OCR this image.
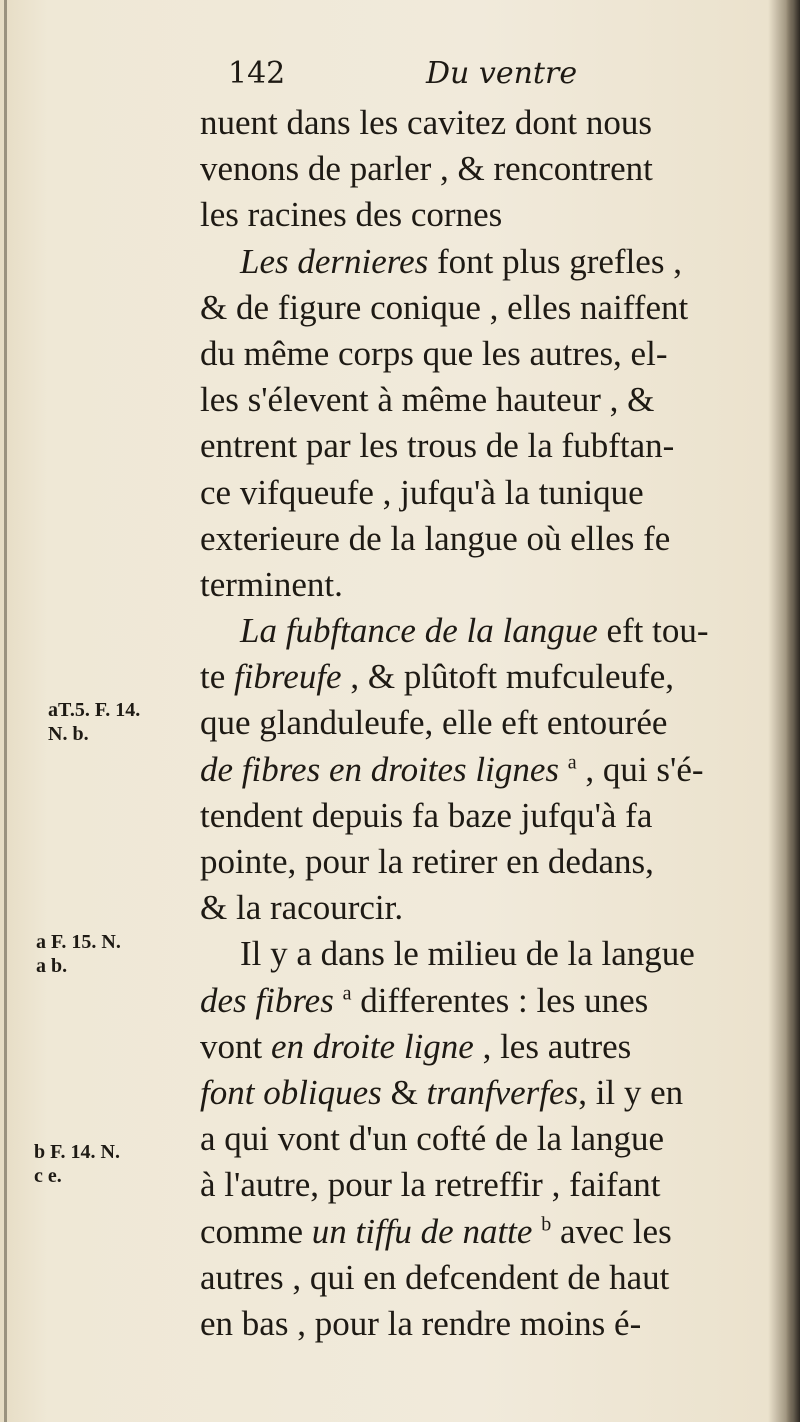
142	Du ventre
nuent dans les cavitez dont nous
venons de parler , & rencontrent
les racines des cornes
Les dernieres font plus grefles ,
& de figure conique , elles naiffent
du même corps que les autres, el-
les s'élevent à même hauteur , &
entrent par les trous de la fubftan-
ce vifqueufe , jufqu'à la tunique
exterieure de la langue où elles fe
terminent.
La fubftance de la langue eft tou-
te fibreufe , & plûtoft mufculeufe,
que glanduleufe, elle eft entourée
de fibres en droites lignes $^a$ , qui s'é-
tendent depuis fa baze jufqu'à fa
pointe, pour la retirer en dedans,
& la racourcir.
Il y a dans le milieu de la langue
des fibres $^a$ differentes : les unes
vont en droite ligne , les autres
font obliques & tranfverfes, il y en
a qui vont d'un cofté de la langue
à l'autre, pour la retreffir , faifant
comme un tiffu de natte $^b$ avec les
autres , qui en defcendent de haut
en bas , pour la rendre moins é-
aT.5. F. 14.
N. b.
a F. 15. N.
a b.
b F. 14. N.
c e.
